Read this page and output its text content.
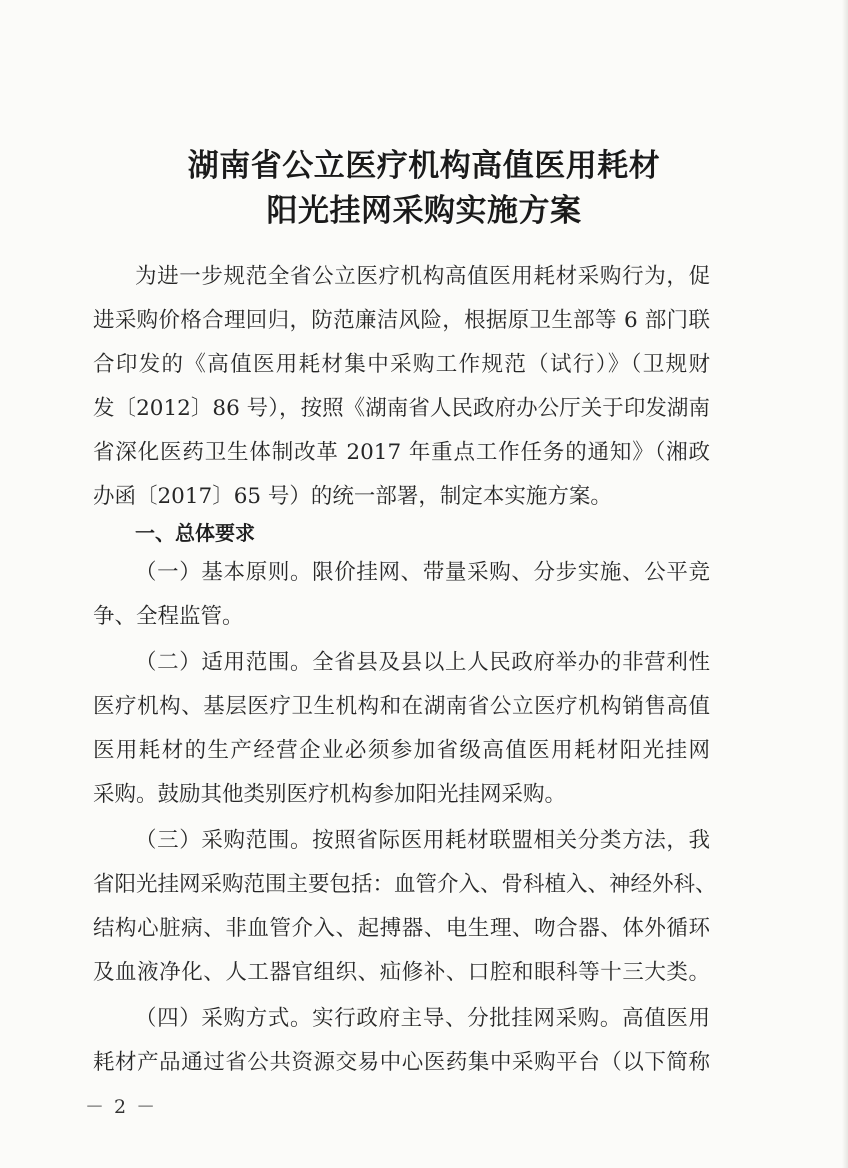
湖南省公立医疗机构高值医用耗材
阳光挂网采购实施方案
为进一步规范全省公立医疗机构高值医用耗材采购行为，促
进采购价格合理回归，防范廉洁风险，根据原卫生部等 6 部门联
合印发的《高值医用耗材集中采购工作规范（试行）》（卫规财
发〔2012〕86 号），按照《湖南省人民政府办公厅关于印发湖南
省深化医药卫生体制改革 2017 年重点工作任务的通知》（湘政
办函〔2017〕65 号）的统一部署，制定本实施方案。
一、总体要求
（一）基本原则。限价挂网、带量采购、分步实施、公平竞
争、全程监管。
（二）适用范围。全省县及县以上人民政府举办的非营利性
医疗机构、基层医疗卫生机构和在湖南省公立医疗机构销售高值
医用耗材的生产经营企业必须参加省级高值医用耗材阳光挂网
采购。鼓励其他类别医疗机构参加阳光挂网采购。
（三）采购范围。按照省际医用耗材联盟相关分类方法，我
省阳光挂网采购范围主要包括：血管介入、骨科植入、神经外科、
结构心脏病、非血管介入、起搏器、电生理、吻合器、体外循环
及血液净化、人工器官组织、疝修补、口腔和眼科等十三大类。
（四）采购方式。实行政府主导、分批挂网采购。高值医用
耗材产品通过省公共资源交易中心医药集中采购平台（以下简称
－ 2 －
